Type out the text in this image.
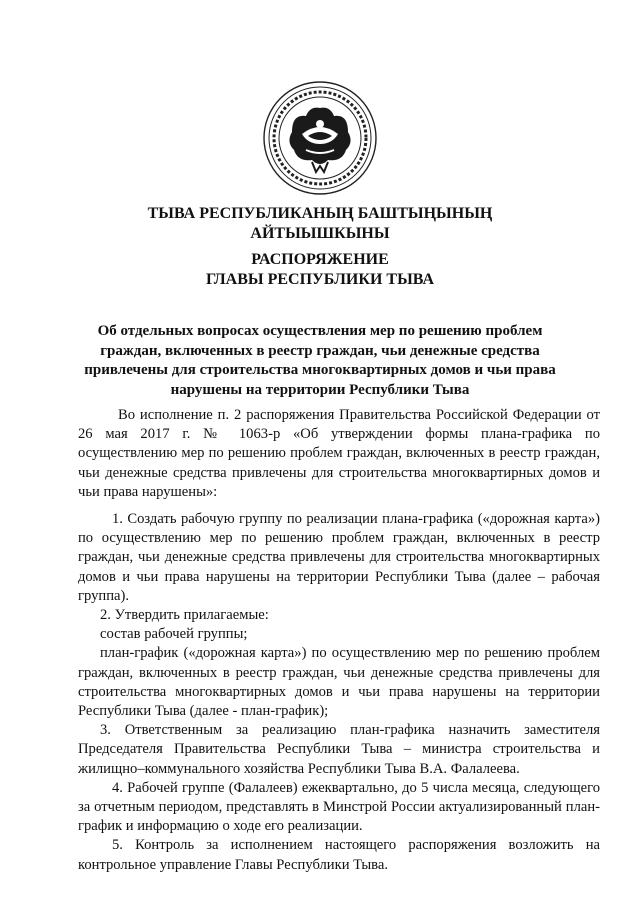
ТЫВА РЕСПУБЛИКАНЫҢ БАШТЫҢЫНЫҢ
АЙТЫЫШКЫНЫ
РАСПОРЯЖЕНИЕ
ГЛАВЫ РЕСПУБЛИКИ ТЫВА

Об отдельных вопросах осуществления мер по решению проблем граждан, включенных в реестр граждан, чьи денежные средства привлечены для строительства многоквартирных домов и чьи права нарушены на территории Республики Тыва

Во исполнение п. 2 распоряжения Правительства Российской Федерации от 26 мая 2017 г. № 1063-р «Об утверждении формы плана-графика по осуществлению мер по решению проблем граждан, включенных в реестр граждан, чьи денежные средства привлечены для строительства многоквартирных домов и чьи права нарушены»:

1. Создать рабочую группу по реализации плана-графика («дорожная карта») по осуществлению мер по решению проблем граждан, включенных в реестр граждан, чьи денежные средства привлечены для строительства многоквартирных домов и чьи права нарушены на территории Республики Тыва (далее – рабочая группа).

2. Утвердить прилагаемые:

состав рабочей группы;

план-график («дорожная карта») по осуществлению мер по решению проблем граждан, включенных в реестр граждан, чьи денежные средства привлечены для строительства многоквартирных домов и чьи права нарушены на территории Республики Тыва (далее - план-график);

3. Ответственным за реализацию план-графика назначить заместителя Председателя Правительства Республики Тыва – министра строительства и жилищно–коммунального хозяйства Республики Тыва В.А. Фалалеева.

4. Рабочей группе (Фалалеев) ежеквартально, до 5 числа месяца, следующего за отчетным периодом, представлять в Минстрой России актуализированный план-график и информацию о ходе его реализации.

5. Контроль за исполнением настоящего распоряжения возложить на контрольное управление Главы Республики Тыва.
